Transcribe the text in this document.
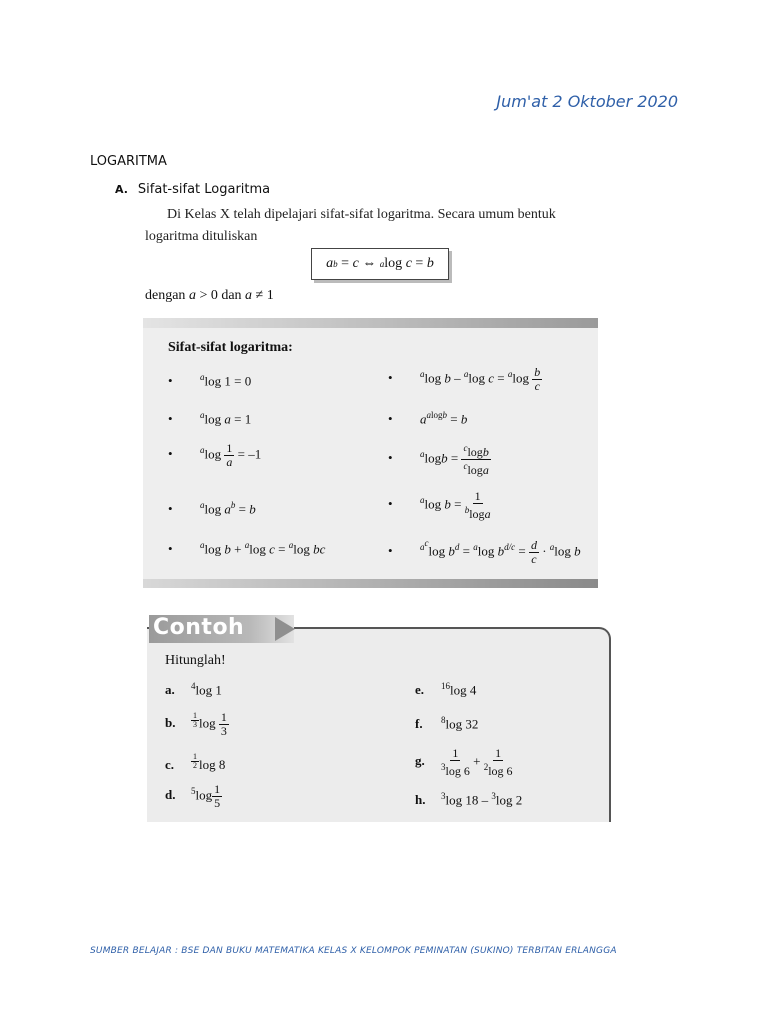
Jum'at 2 Oktober 2020
LOGARITMA
A. Sifat-sifat Logaritma
Di Kelas X telah dipelajari sifat-sifat logaritma. Secara umum bentuk
logaritma dituliskan
a b = c ⇔ a log c = b
dengan a > 0 dan a ≠ 1
Sifat-sifat logaritma:
•	$^a$log 1 = 0
•	$^a$log a = 1
•	$^a\log \frac{1}{a} = -1$
•	$^a$log $a^b = b$
•	$^a$log b + $^a$log c = $^a$log bc
•	$^a$log b – $^a$log $c = ^a\log \frac{b}{c}$
• $a^{alogb} = b$
•	$^a\log b = \frac{^c\log b}{^c\log a}$
•	$^a$log $b = \frac{1}{^b\log a}$
•	$^{a^c}$log $b^d = ^a\log$ $b^{d/c} = \frac{d}{c} \cdot ^a\log$ b
Contoh
Hitunglah!
a. $^4$log 1
b. $^{\frac{1}{3}}$ $\log \frac{1}{3}$
c. $^{\frac{1}{2}}$ log 8
d. $^5\log \frac{1}{5}$
e. $^{16}$log 4
f. $^8$log 32
g. $\frac{1}{^3\log 6} + \frac{1}{^2\log 6}$
h. $^3$log 18 – $^3$log 2
SUMBER BELAJAR : BSE DAN BUKU MATEMATIKA KELAS X KELOMPOK PEMINATAN (SUKINO) TERBITAN ERLANGGA
